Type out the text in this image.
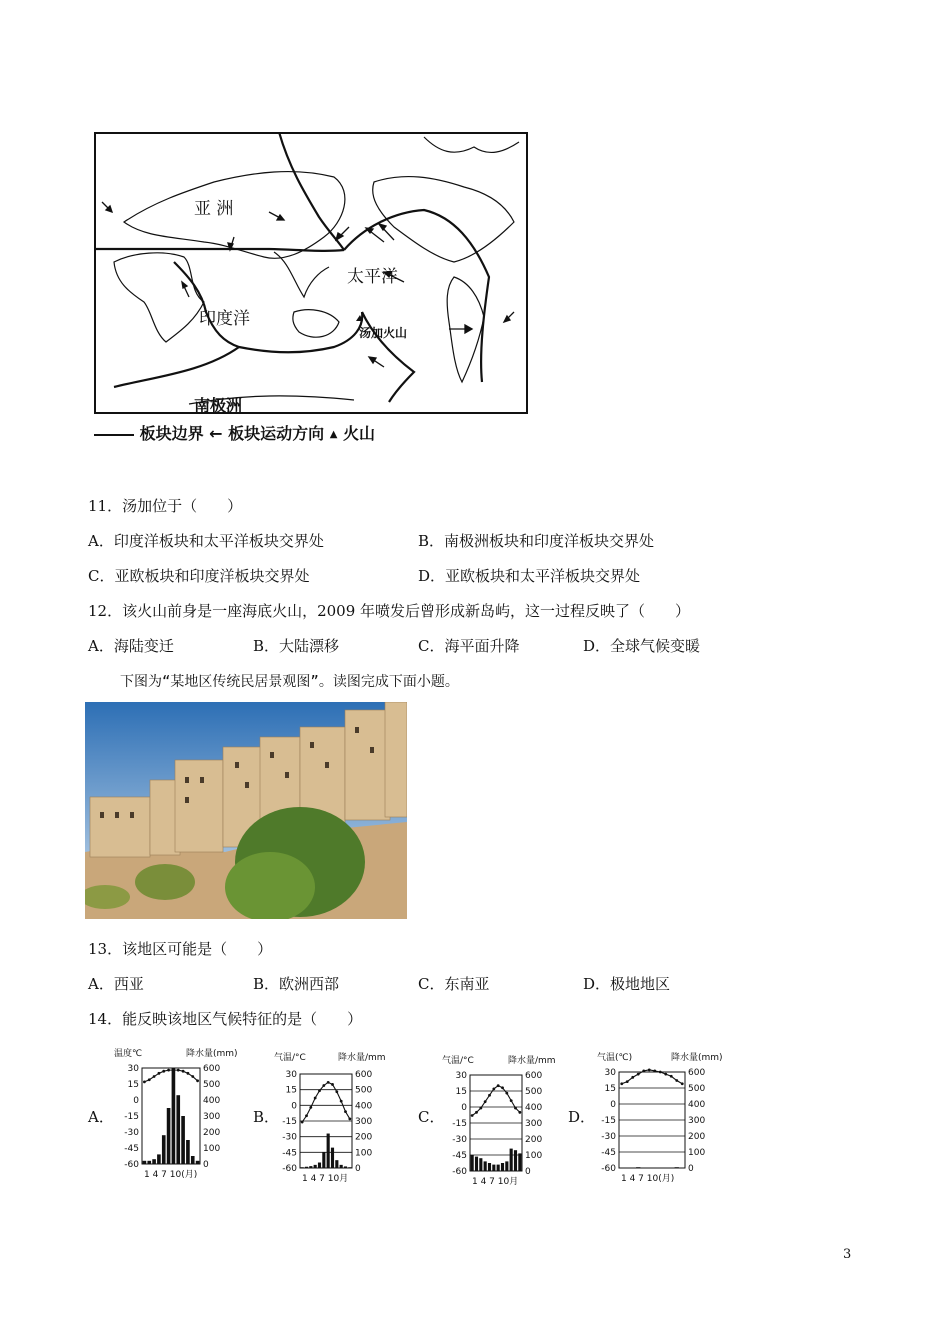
亚 洲
太平洋
印度洋
南极洲
汤加火山
板块边界 ← 板块运动方向 ▲ 火山
11．汤加位于（　　）
A．印度洋板块和太平洋板块交界处	B．南极洲板块和印度洋板块交界处
C．亚欧板块和印度洋板块交界处	D．亚欧板块和太平洋板块交界处
12．该火山前身是一座海底火山，2009 年喷发后曾形成新岛屿，这一过程反映了（　　）
A．海陆变迁	B．大陆漂移	C．海平面升降	D．全球气候变暖
下图为“某地区传统民居景观图”。读图完成下面小题。
13．该地区可能是（　　）
A．西亚	B．欧洲西部	C．东南亚	D．极地地区
14．能反映该地区气候特征的是（　　）
A．	B．	C．	D．
温度℃	降水量(mm)
30
15
0
-15
-30
-45
-60
600
500
400
300
200
100
0
1 4 7 10(月)
气温/°C	降水量/mm
30
15
0
-15
-30
-45
-60
600
500
400
300
200
100
0
1 4 7 10月
气温/°C	降水量/mm
30
15
0
-15
-30
-45
-60
600
500
400
300
200
100
0
1 4 7 10月
气温(℃)	降水量(mm)
30
15
0
-15
-30
-45
-60
600
500
400
300
200
100
0
1 4 7 10(月)
3
